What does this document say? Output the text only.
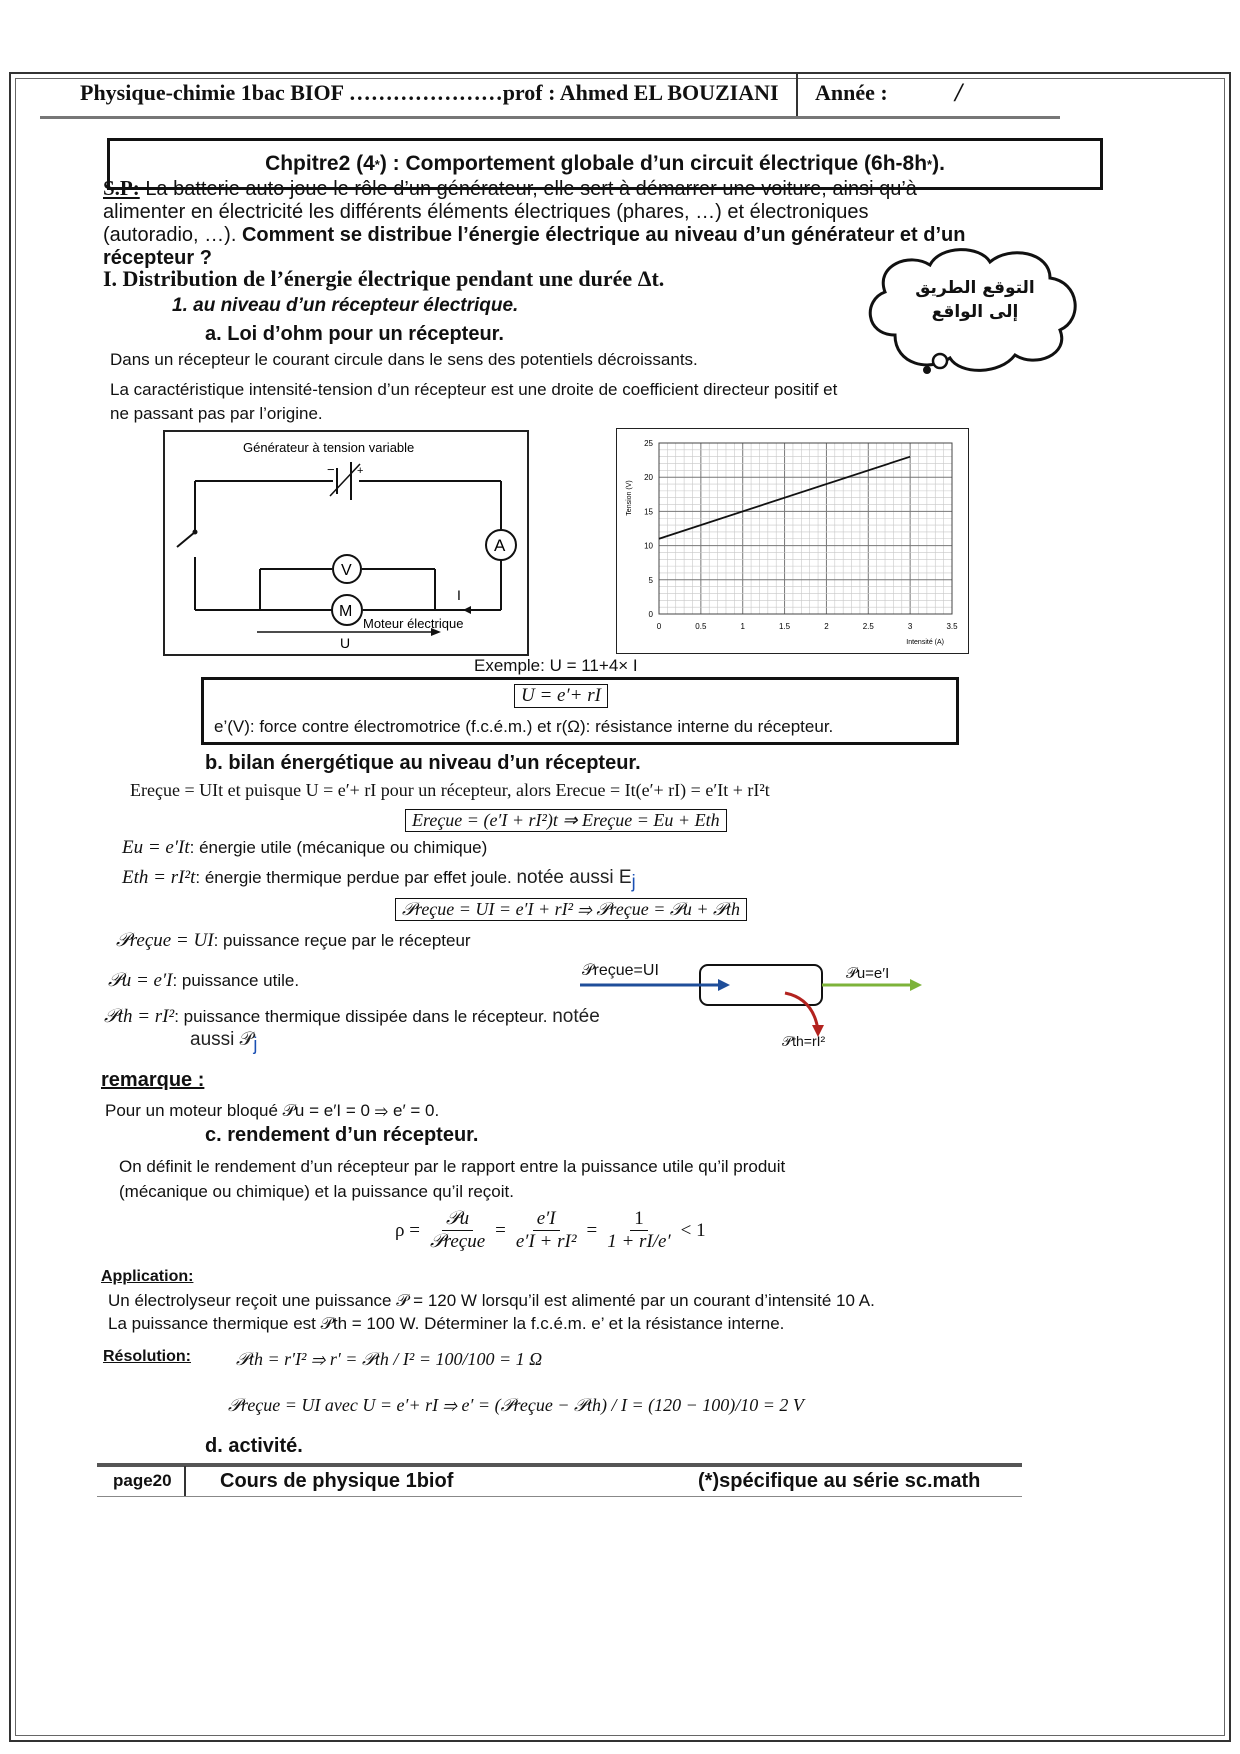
Physique-chimie 1bac BIOF …………………prof : Ahmed EL BOUZIANI Année :	/
Chpitre2 (4 * ) : Comportement globale d’un circuit électrique (6h-8h * ).
S.P: La batterie auto joue le rôle d’un générateur, elle sert à démarrer une voiture, ainsi qu’à
alimenter en électricité les différents éléments électriques (phares, …) et électroniques
(autoradio, …). Comment se distribue l’énergie électrique au niveau d’un générateur et d’un
récepteur ?
التوقع الطريق
إلى الواقع
I. Distribution de l’énergie électrique pendant une durée Δt.
1. au niveau d’un récepteur électrique.
a. Loi d’ohm pour un récepteur.
Dans un récepteur le courant circule dans le sens des potentiels décroissants.
La caractéristique intensité-tension d’un récepteur est une droite de coefficient directeur positif et
ne passant pas par l’origine.
Générateur à tension variable
− +
A
V
M
Moteur électrique
I
U
0	0.5	1	1.5	2	2.5	3	3.5
0
5
10
15
20
25
Intensité (A)
Tension (V)
Exemple: U = 11+4× I
U = e′+ rI
e’(V): force contre électromotrice (f.c.é.m.) et r(Ω): résistance interne du récepteur.
b. bilan énergétique au niveau d’un récepteur.
Ereçue = UIt et puisque U = e′+ rI pour un récepteur, alors Erecue = It(e′+ rI) = e′It + rI²t
Ereçue = (e′I + rI²)t ⇒ Ereçue = Eu + Eth
Eu = e′It: énergie utile (mécanique ou chimique)
Eth = rI²t: énergie thermique perdue par effet joule. notée aussi $E_j$
𝒫reçue = UI = e′I + rI² ⇒ 𝒫reçue = 𝒫u + 𝒫th
𝒫reçue = UI: puissance reçue par le récepteur
𝒫u = e′I: puissance utile.
𝒫th = rI²: puissance thermique dissipée dans le récepteur. notée
aussi 𝒫$_j$
𝒫reçue=UI	𝒫u=e′I
𝒫th=rI²
remarque :
Pour un moteur bloqué 𝒫u = e′I = 0 ⇒ e′ = 0.
c. rendement d’un récepteur.
On définit le rendement d’un récepteur par le rapport entre la puissance utile qu’il produit
(mécanique ou chimique) et la puissance qu’il reçoit.
ρ =
𝒫u
𝒫reçue
= $\frac{e'I}{\text{e′I + rI²}} = \frac{1}{1 + rI/e'} < 1$
Application:
Un électrolyseur reçoit une puissance 𝒫 = 120 W lorsqu’il est alimenté par un courant d’intensité 10 A.
La puissance thermique est 𝒫th = 100 W. Déterminer la f.c.é.m. e’ et la résistance interne.
Résolution:	𝒫th = r′I² ⇒ r′ = 𝒫th / I² = 100/100 = 1 Ω
𝒫reçue = UI avec U = e′+ rI ⇒ e′ = (𝒫reçue − 𝒫th) / I = (120 − 100)/10 = 2 V
d. activité.
page20 Cours de physique 1biof	(*)spécifique au série sc.math
